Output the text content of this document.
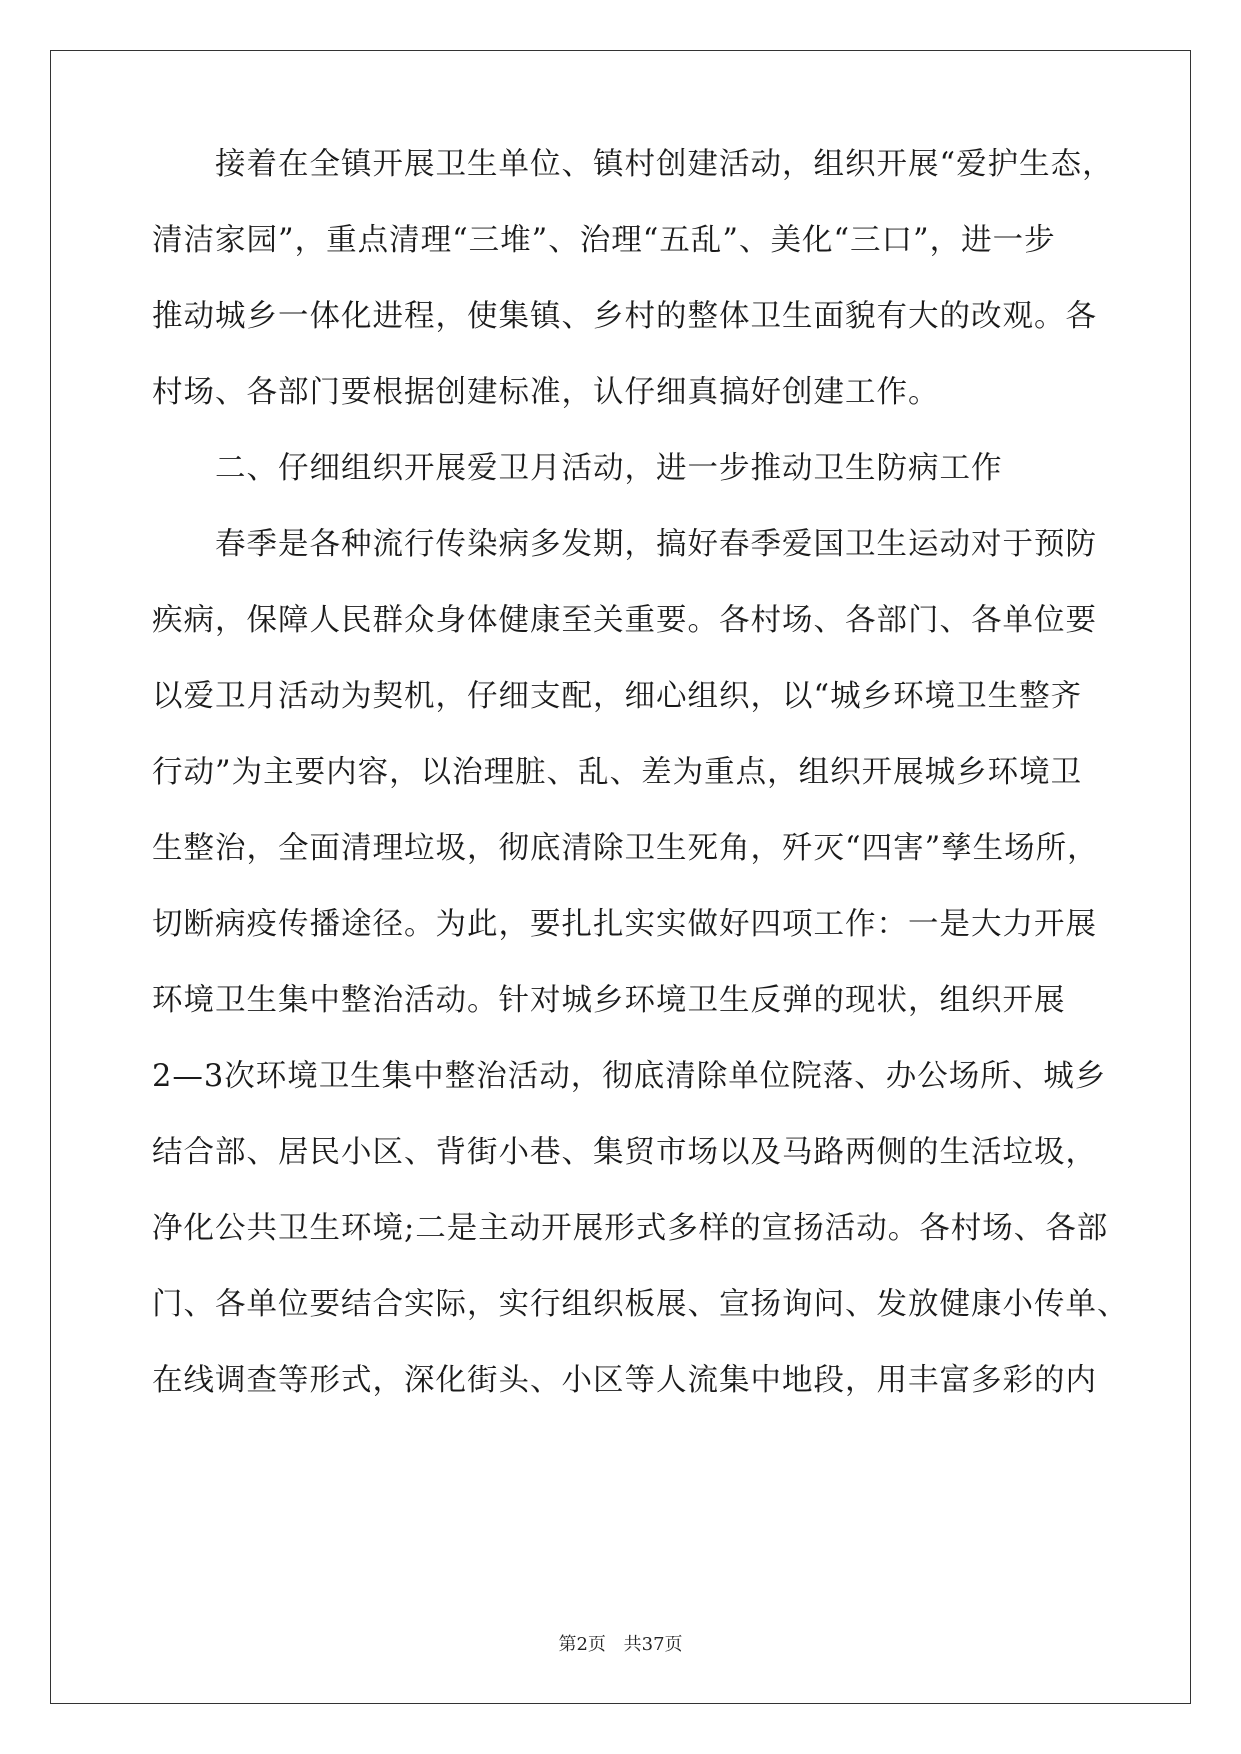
接着在全镇开展卫生单位、镇村创建活动，组织开展“爱护生态，
清洁家园”，重点清理“三堆”、治理“五乱”、美化“三口”，进一步
推动城乡一体化进程，使集镇、乡村的整体卫生面貌有大的改观。各
村场、各部门要根据创建标准，认仔细真搞好创建工作。
二、仔细组织开展爱卫月活动，进一步推动卫生防病工作
春季是各种流行传染病多发期，搞好春季爱国卫生运动对于预防
疾病，保障人民群众身体健康至关重要。各村场、各部门、各单位要
以爱卫月活动为契机，仔细支配，细心组织，以“城乡环境卫生整齐
行动”为主要内容，以治理脏、乱、差为重点，组织开展城乡环境卫
生整治，全面清理垃圾，彻底清除卫生死角，歼灭“四害”孳生场所，
切断病疫传播途径。为此，要扎扎实实做好四项工作：一是大力开展
环境卫生集中整治活动。针对城乡环境卫生反弹的现状，组织开展
2—3次环境卫生集中整治活动，彻底清除单位院落、办公场所、城乡
结合部、居民小区、背街小巷、集贸市场以及马路两侧的生活垃圾，
净化公共卫生环境;二是主动开展形式多样的宣扬活动。各村场、各部
门、各单位要结合实际，实行组织板展、宣扬询问、发放健康小传单、
在线调查等形式，深化街头、小区等人流集中地段，用丰富多彩的内
第2页 共37页
